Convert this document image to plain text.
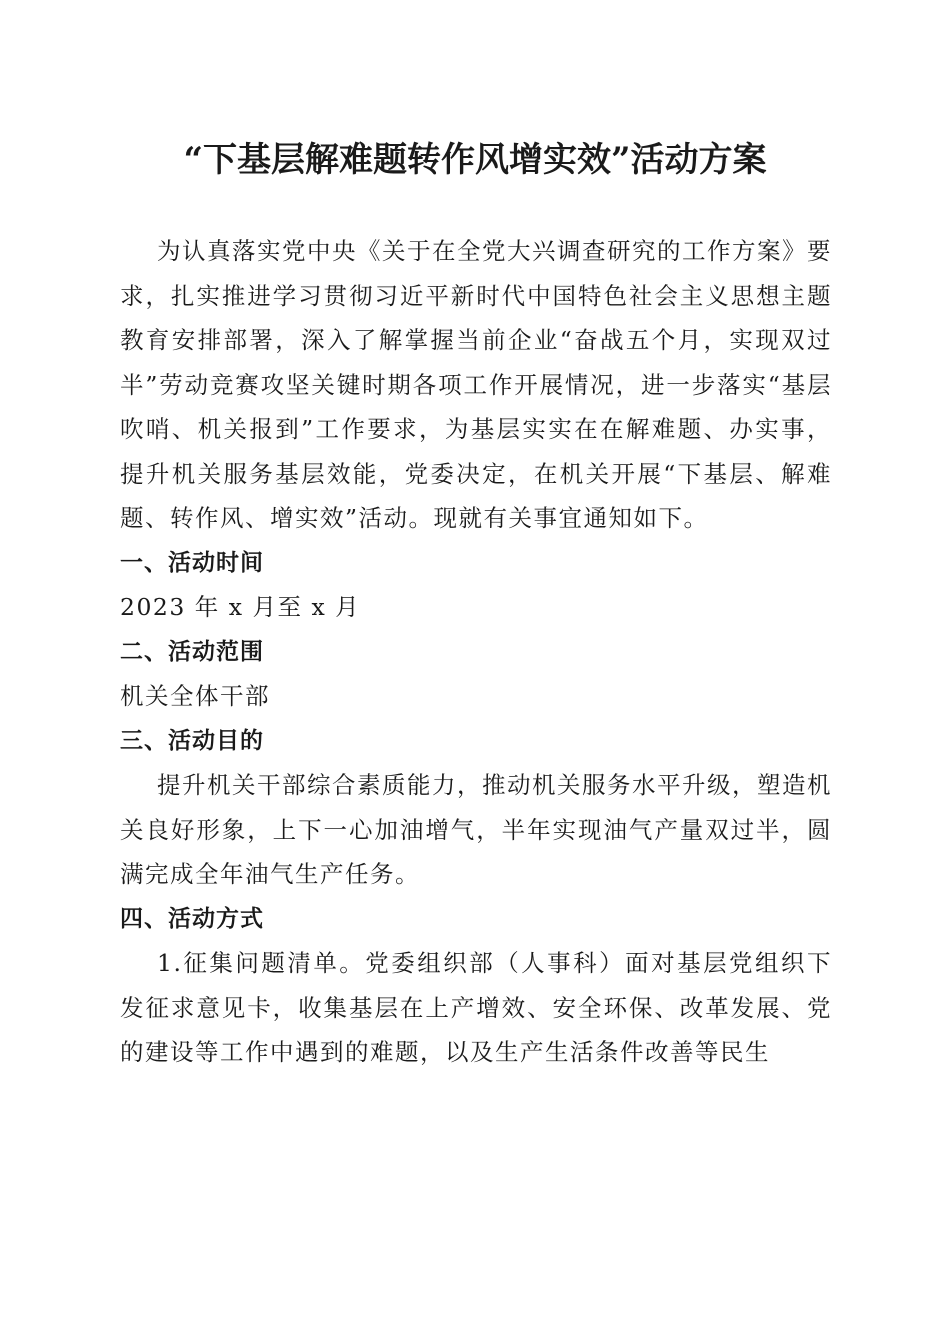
“下基层解难题转作风增实效”活动方案

为认真落实党中央《关于在全党大兴调查研究的工作方案》要求，扎实推进学习贯彻习近平新时代中国特色社会主义思想主题教育安排部署，深入了解掌握当前企业“奋战五个月，实现双过半”劳动竞赛攻坚关键时期各项工作开展情况，进一步落实“基层吹哨、机关报到”工作要求，为基层实实在在解难题、办实事，提升机关服务基层效能，党委决定，在机关开展“下基层、解难题、转作风、增实效”活动。现就有关事宜通知如下。

一、活动时间

2023 年 x 月至 x 月

二、活动范围

机关全体干部

三、活动目的

提升机关干部综合素质能力，推动机关服务水平升级，塑造机关良好形象，上下一心加油增气，半年实现油气产量双过半，圆满完成全年油气生产任务。

四、活动方式

1.征集问题清单。党委组织部（人事科）面对基层党组织下发征求意见卡，收集基层在上产增效、安全环保、改革发展、党的建设等工作中遇到的难题，以及生产生活条件改善等民生
